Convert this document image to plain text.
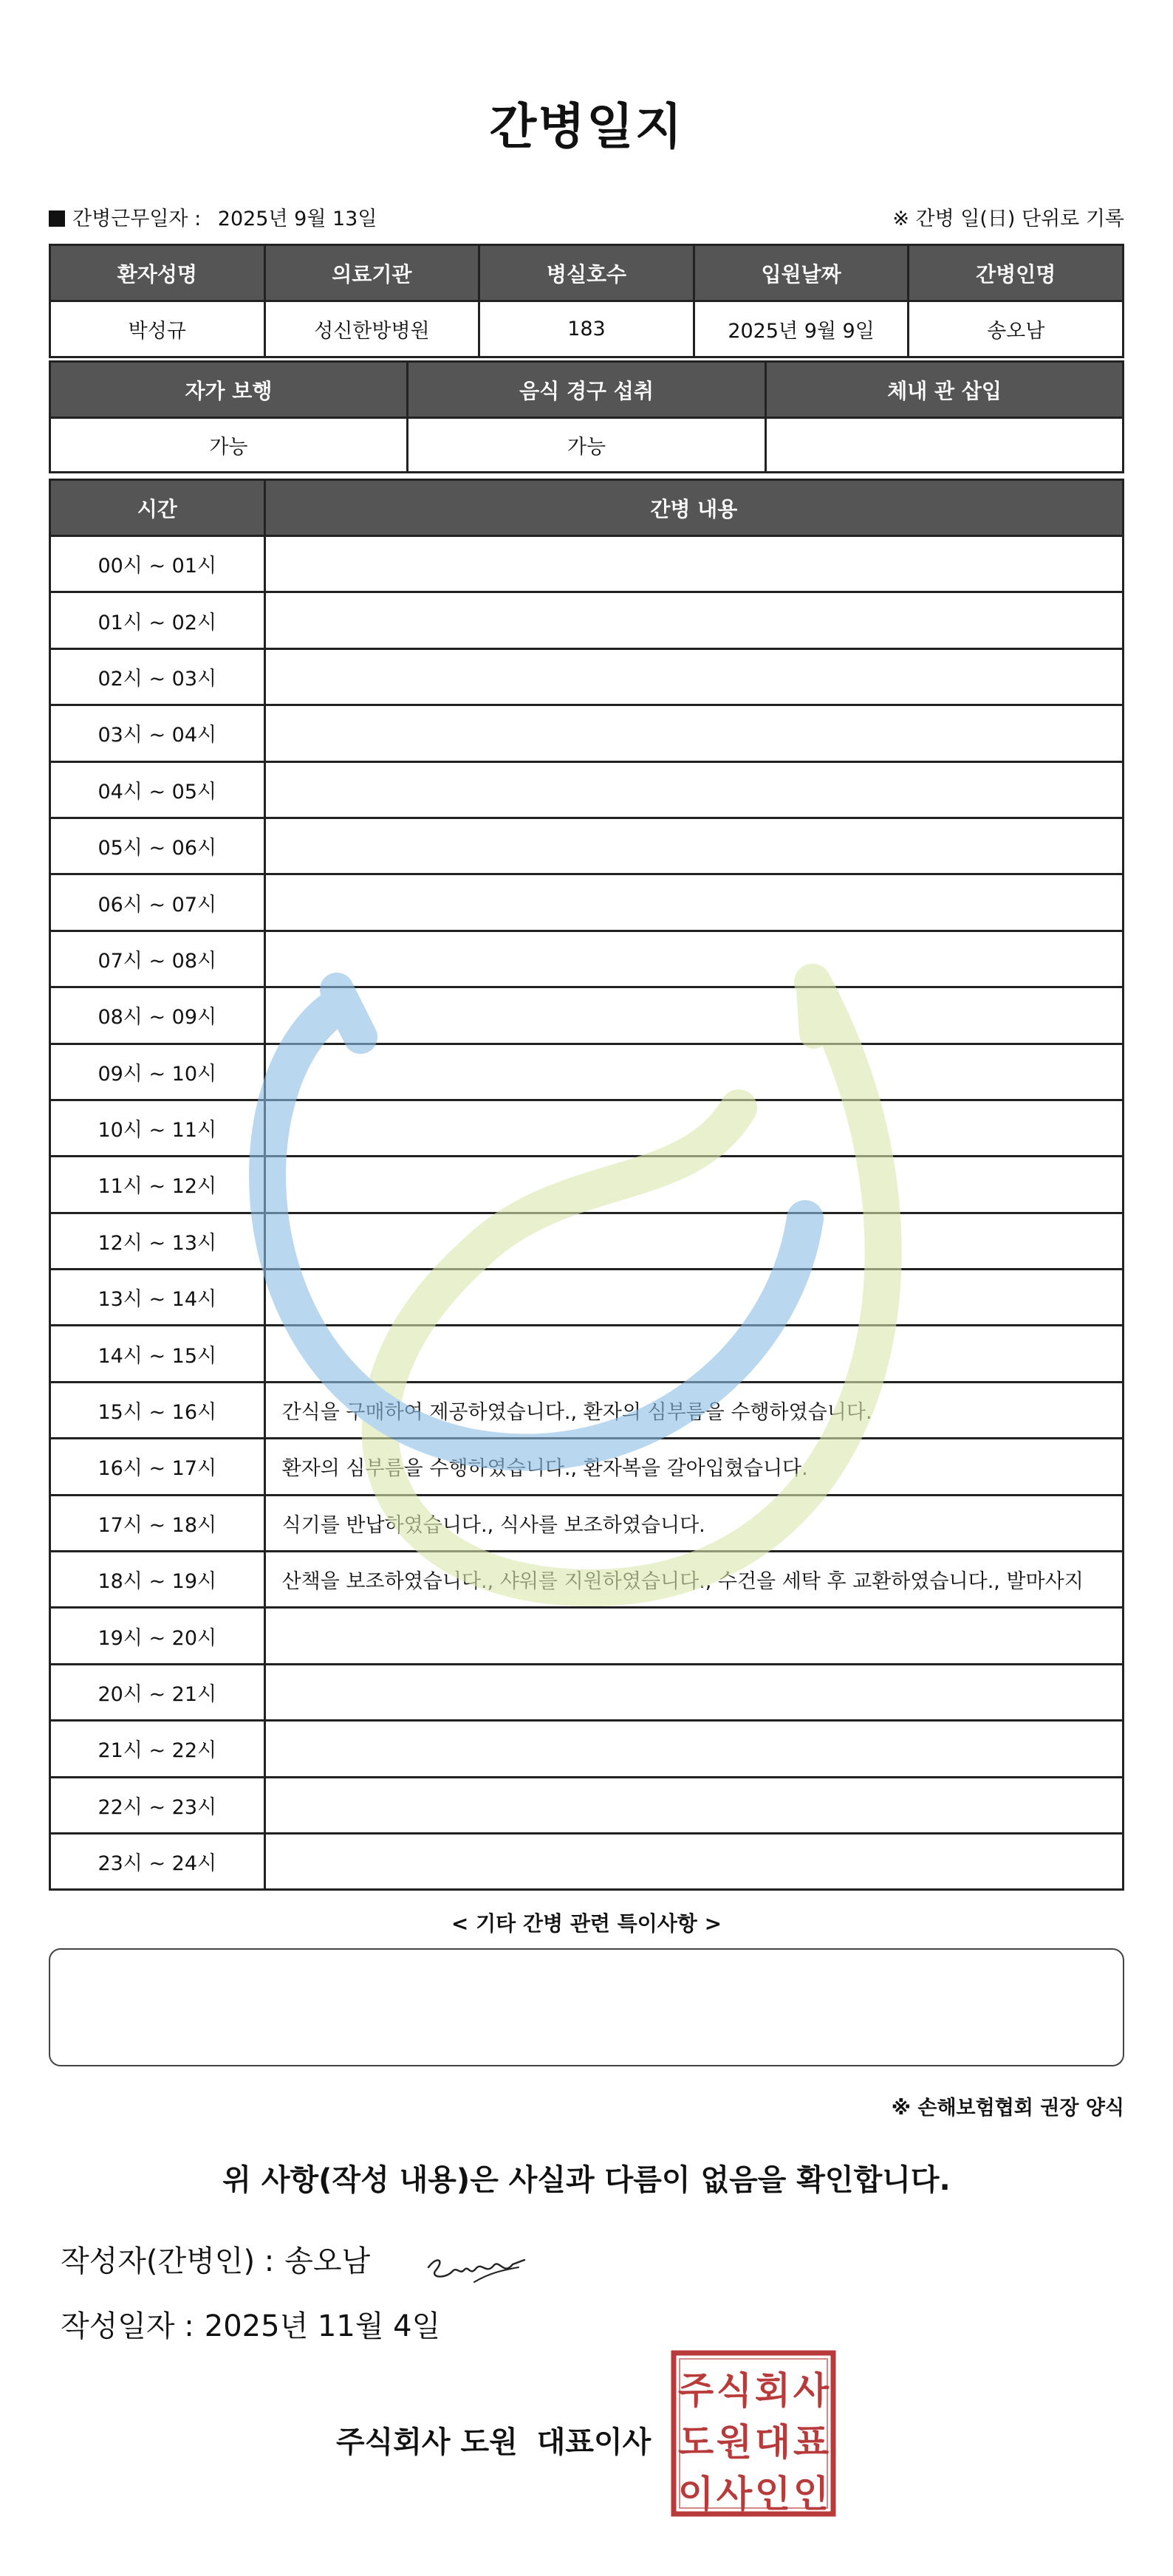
간병일지
간병근무일자 : 2025년 9월 13일	※ 간병 일(日) 단위로 기록
환자성명	의료기관	병실호수	입원날짜	간병인명
박성규	성신한방병원	183	2025년 9월 9일	송오남
자가 보행	음식 경구 섭취	체내 관 삽입
가능	가능	
시간	간병 내용
00시 ~ 01시	
01시 ~ 02시	
02시 ~ 03시	
03시 ~ 04시	
04시 ~ 05시	
05시 ~ 06시	
06시 ~ 07시	
07시 ~ 08시	
08시 ~ 09시	
09시 ~ 10시	
10시 ~ 11시	
11시 ~ 12시	
12시 ~ 13시	
13시 ~ 14시	
14시 ~ 15시	
15시 ~ 16시	간식을 구매하여 제공하였습니다., 환자의 심부름을 수행하였습니다.
16시 ~ 17시	환자의 심부름을 수행하였습니다., 환자복을 갈아입혔습니다.
17시 ~ 18시	식기를 반납하였습니다., 식사를 보조하였습니다.
18시 ~ 19시	산책을 보조하였습니다., 샤워를 지원하였습니다., 수건을 세탁 후 교환하였습니다., 발마사지
19시 ~ 20시	
20시 ~ 21시	
21시 ~ 22시	
22시 ~ 23시	
23시 ~ 24시	
< 기타 간병 관련 특이사항 >
※ 손해보험협회 권장 양식
위 사항(작성 내용)은 사실과 다름이 없음을 확인합니다.
작성자(간병인) : 송오남
작성일자 : 2025년 11월 4일
주식회사 도원 대표이사
주 식 회 사
도 원 대 표
이 사 인 인
